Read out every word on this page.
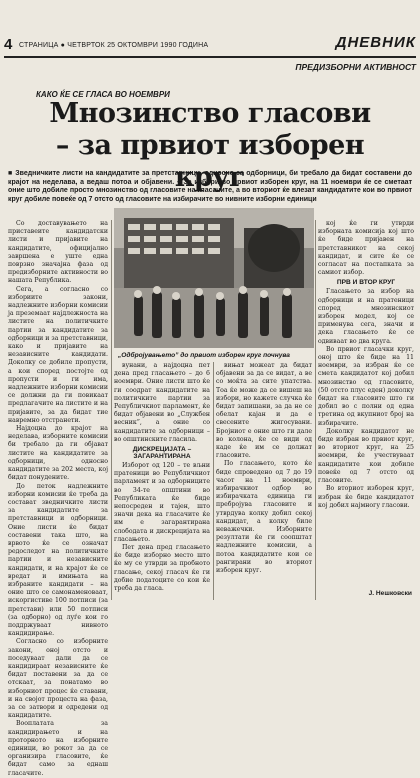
4 СТРАНИЦА ● ЧЕТВРТОК 25 ОКТОМВРИ 1990 ГОДИНА	ДНЕВНИК
ПРЕДИЗБОРНИ АКТИВНОСТ
КАКО ЌЕ СЕ ГЛАСА ВО НОЕМВРИ
Мнозинство гласови – за првиот изборен круг
■ Зведничките листи на кандидатите за претставници, односно за одборници, би требало да бидат составени до крајот на неделава, а ведаш потоа и објавени. – За избори во првиот изборен круг, на 11 ноември ќе се сметаат оние што добиле просто мнозинство од гласовите на гласачите, а во вториот ќе влезат кандидатите кои во првиот круг добиле повеќе од 7 отсто од гласовите на избирачите во нивните изборни единици

Со доставувањето на приставеите кандидатски листи и пријавите на кандидатите, официјално завршена е уште една поврзно значајна фаза од предизборните активности во нашата Република.

Сега, а согласно со избориите закони, надлежните изборни комисии ја преземаат најдлежноста на листите на политичките партии за кандидатите за одборници и за претставници, како и пријавите на независните кандидати. Доколку се добиле пропусти, а кои според постојте од пропусти и ги има, надлежните изборни комисии се должни да ги повикаат предлагачите на листите и на пријавите, за да бидат тие навремно отстранети.

Најдоцна до крајот на неделава, изборните комисии би требало да ги објават листите на кандидатите за одборници, односно кандидатите за 202 места, кој бидат понудените.

До петок надлежните изборни комисии ќе треба да состават зведничките листи за кандидатите за претставници и одборници. Оние листи ќе бидат составени така што, на врвото ќе се означат редоследот на политичките партии и независните кандидати, и на крајот ќе се вредат и имињата на избраните кандидати – на оние што се самонаменоваат, искоргистиве 100 потписи (за претстави) или 50 потписи (за одборно) од луѓе кои го поддржуваат нивното кандидирање.

Согласно со изборните закони, оној отсто и поседуваат дали да се кандидираат независните ќе бидат поставени за да се отскаат, за понатамо во изборниот процес ќе ставани, и на својот процеста на фаза, за се затвори и одредени од кандидатите.

Вооплатата за кандидирањето и на проторното на изборните единици, во рокот за да се организира гласовите, ќе бидат само за еднаш гласачите.

„Одбројувањето” до првиот изборен круг почнува

вунани, а најдоцна пет дена пред гласањето – до 6 ноември. Оние листи што ќе ги соодрат кандидатите на политичките партии за Републичкиот парламент, ќе бидат објавени во „Службен весник”, а оние со кандидатите за одборници – во општинските гласила.

ДИСКРЕЦИЈАТА – ЗАГАРАНТИРАНА

Изборот од 120 – те вљни пратеници во Републичкиот парламент и за одборниците во 34-те општини во Републиката ќе биде непосреден и тајен, што значи дека на гласачите ќе им е загарантирана слободата и дискрецијата на гласањето.

Пет дена пред гласањето ќе биде изборно место што ќе му се утврди за пробното гласање, секој гласач ќе ги добие податоците со кои ќе треба да гласа.

вињат можеат да бидат објавени за да се видат, а ве со моќта за сите упатства. Тоа ќе може да се вишеш на избори, но кажете случка ќе бидат запишани, за да не се обелат кајан и да е свесените жигосувани. Бројниот е оние што ги дале во колона, ќе се види од каде ќе им се должат гласовите.

По гласањето, кото ќе биде спроведено од 7 до 19 часот на 11 ноември, избирачкиот одбор во избирачката единица ги пребројува гласовите и утврдува колку добил секој кандидат, а колку биле неважечки. Изборните резултати ќе ги соопштат надлежните комисии, а потоа кандидатите кои се рангирани во вториот изборен круг.

кој ќе ги утврди изборната комисија кој што ќе биде пријавен на претставникот на секој кандидат, и сите ќе се согласат на постапката за самиот избор.

ПРВ И ВТОР КРУГ

Гласањето за избор на одборници и на пратеници според мнозинскиот изборен модел, кој се применува сега, значи и дека гласањето ќе се одвиваат во два круга.

Во првиот гласачки круг, оној што ќе биде на 11 ноември, за избран ќе се смета кандидатот кој добил мнозинство од гласовите, (50 отсто плус еден) доколку бидат на гласовите што ги добил во с полни од една третина од вкупниот број на избирачите.

Доколку кандидатот не биде избран во првиот круг, во вториот круг, на 25 ноември, ќе учествуваат кандидатите кои добиле повеќе од 7 отсто од гласовите.

Во вториот изборен круг, избран ќе биде кандидатот кој добил најмногу гласови.

Ј. Нешковски
